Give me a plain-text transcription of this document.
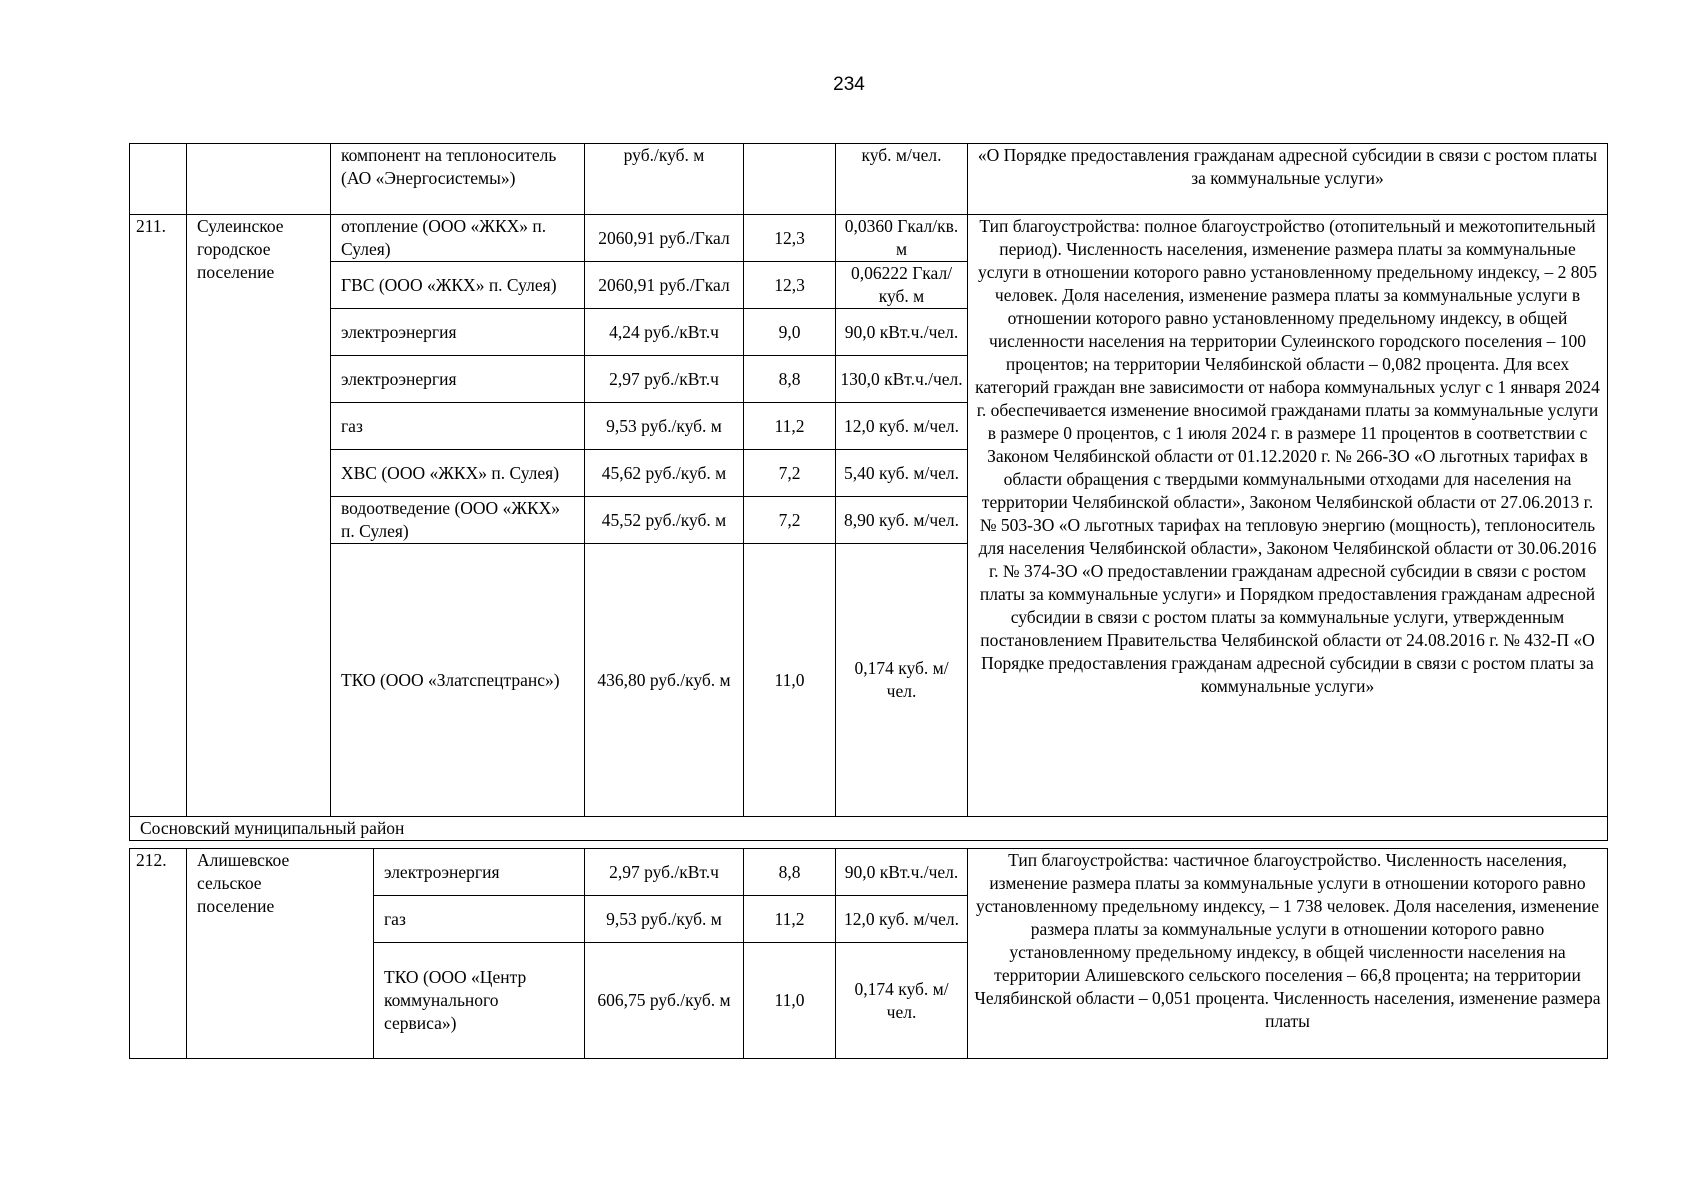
234
		компонент на теплоноситель (АО «Энергосистемы»)	руб./куб. м		куб. м/чел.	«О Порядке предоставления гражданам адресной субсидии в связи с ростом платы за коммунальные услуги»
211.	Сулеинское городское поселение	отопление (ООО «ЖКХ» п. Сулея)	2060,91 руб./Гкал	12,3	0,0360 Гкал/кв. м	Тип благоустройства: полное благоустройство (отопительный и межотопительный период). Численность населения, изменение размера платы за коммунальные услуги в отношении которого равно установленному предельному индексу, – 2 805 человек. Доля населения, изменение размера платы за коммунальные услуги в отношении которого равно установленному предельному индексу, в общей численности населения на территории Сулеинского городского поселения – 100 процентов; на территории Челябинской области – 0,082 процента. Для всех категорий граждан вне зависимости от набора коммунальных услуг с 1 января 2024 г. обеспечивается изменение вносимой гражданами платы за коммунальные услуги в размере 0 процентов, с 1 июля 2024 г. в размере 11 процентов в соответствии с Законом Челябинской области от 01.12.2020 г. № 266-ЗО «О льготных тарифах в области обращения с твердыми коммунальными отходами для населения на территории Челябинской области», Законом Челябинской области от 27.06.2013 г. № 503-ЗО «О льготных тарифах на тепловую энергию (мощность), теплоноситель для населения Челябинской области», Законом Челябинской области от 30.06.2016 г. № 374-ЗО «О предоставлении гражданам адресной субсидии в связи с ростом платы за коммунальные услуги» и Порядком предоставления гражданам адресной субсидии в связи с ростом платы за коммунальные услуги, утвержденным постановлением Правительства Челябинской области от 24.08.2016 г. № 432-П «О Порядке предоставления гражданам адресной субсидии в связи с ростом платы за коммунальные услуги»
		ГВС (ООО «ЖКХ» п. Сулея)	2060,91 руб./Гкал	12,3	0,06222 Гкал/куб. м	
		электроэнергия	4,24 руб./кВт.ч	9,0	90,0 кВт.ч./чел.	
		электроэнергия	2,97 руб./кВт.ч	8,8	130,0 кВт.ч./чел.	
		газ	9,53 руб./куб. м	11,2	12,0 куб. м/чел.	
		ХВС (ООО «ЖКХ» п. Сулея)	45,62 руб./куб. м	7,2	5,40 куб. м/чел.	
		водоотведение (ООО «ЖКХ» п. Сулея)	45,52 руб./куб. м	7,2	8,90 куб. м/чел.	
		ТКО (ООО «Златспецтранс»)	436,80 руб./куб. м	11,0	0,174 куб. м/чел.	
Сосновский муниципальный район						
212.	Алишевское сельское поселение	электроэнергия	2,97 руб./кВт.ч	8,8	90,0 кВт.ч./чел.	Тип благоустройства: частичное благоустройство. Численность населения, изменение размера платы за коммунальные услуги в отношении которого равно установленному предельному индексу, – 1 738 человек. Доля населения, изменение размера платы за коммунальные услуги в отношении которого равно установленному предельному индексу, в общей численности населения на территории Алишевского сельского поселения – 66,8 процента; на территории Челябинской области – 0,051 процента. Численность населения, изменение размера платы
		газ	9,53 руб./куб. м	11,2	12,0 куб. м/чел.	
		ТКО (ООО «Центр коммунального сервиса»)	606,75 руб./куб. м	11,0	0,174 куб. м/чел.	
